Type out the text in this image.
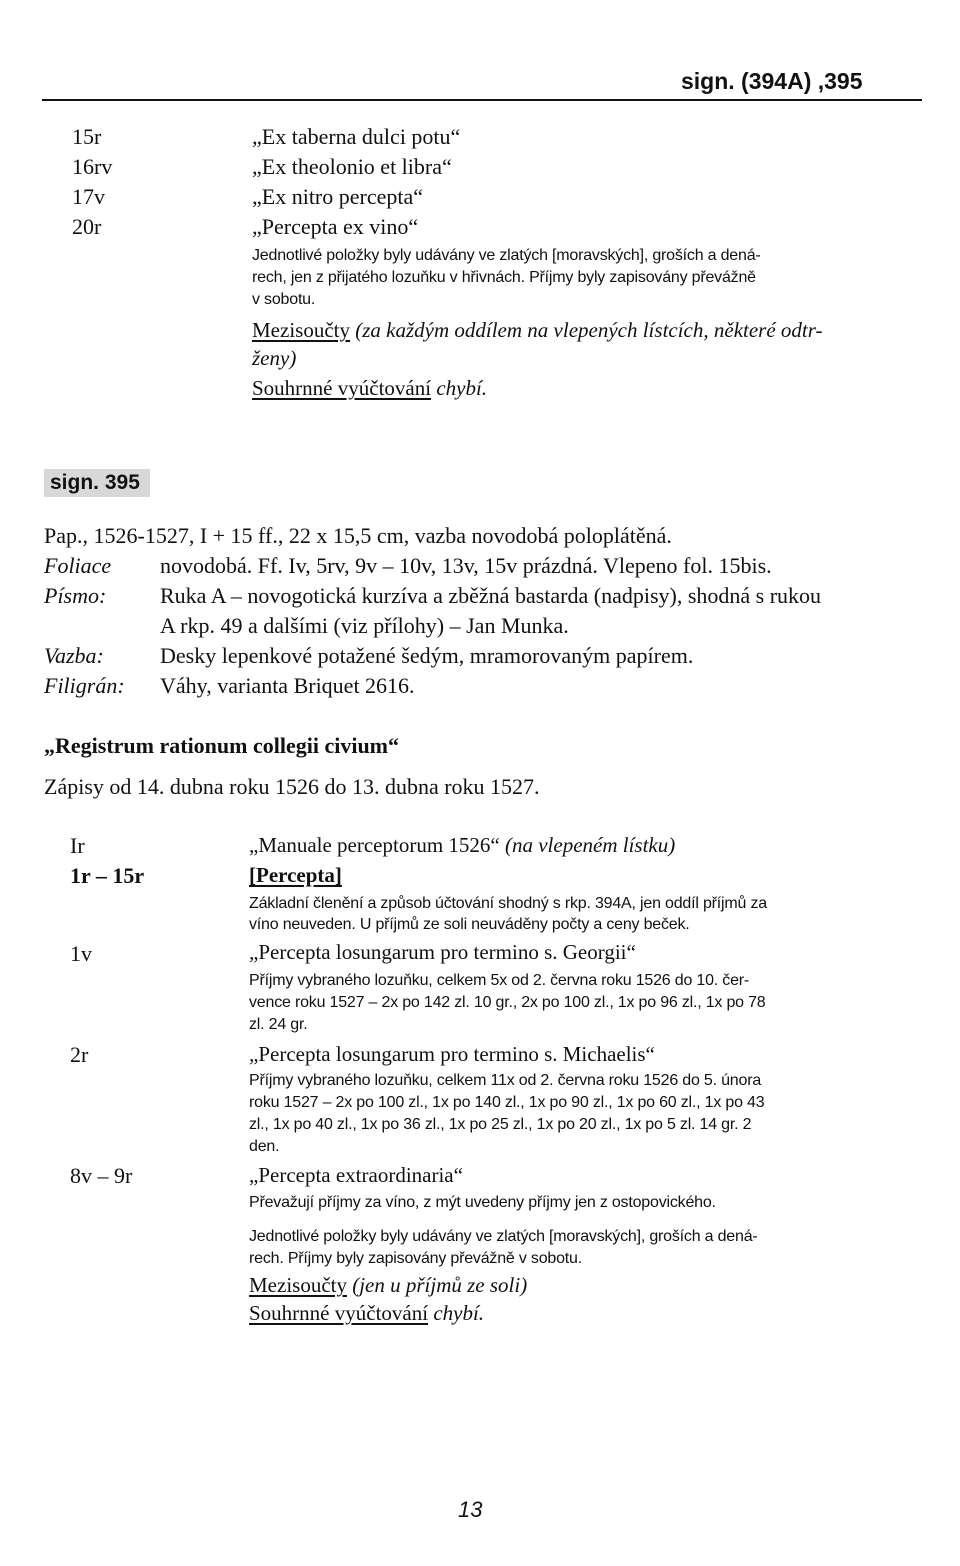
sign. (394A) ,395
15r	„Ex taberna dulci potu“
16rv	„Ex theolonio et libra“
17v	„Ex nitro percepta“
20r	„Percepta ex vino“
Jednotlivé položky byly udávány ve zlatých [moravských], groších a dená-
rech, jen z přijatého lozuňku v hřivnách. Příjmy byly zapisovány převážně
v sobotu.
Mezisoučty (za každým oddílem na vlepených lístcích, některé odtr-
ženy)
Souhrnné vyúčtování chybí.
sign. 395
Pap., 1526-1527, I + 15 ff., 22 x 15,5 cm, vazba novodobá poloplátěná.
Foliace novodobá. Ff. Iv, 5rv, 9v – 10v, 13v, 15v prázdná. Vlepeno fol. 15bis.
Písmo: Ruka A – novogotická kurzíva a zběžná bastarda (nadpisy), shodná s rukou
A rkp. 49 a dalšími (viz přílohy) – Jan Munka.
Vazba:	Desky lepenkové potažené šedým, mramorovaným papírem.
Filigrán: Váhy, varianta Briquet 2616.
„Registrum rationum collegii civium“
Zápisy od 14. dubna roku 1526 do 13. dubna roku 1527.
Ir	„Manuale perceptorum 1526“ (na vlepeném lístku)
1r – 15r	[Percepta]
Základní členění a způsob účtování shodný s rkp. 394A, jen oddíl příjmů za
víno neuveden. U příjmů ze soli neuváděny počty a ceny beček.
1v	„Percepta losungarum pro termino s. Georgii“
Příjmy vybraného lozuňku, celkem 5x od 2. června roku 1526 do 10. čer-
vence roku 1527 – 2x po 142 zl. 10 gr., 2x po 100 zl., 1x po 96 zl., 1x po 78
zl. 24 gr.
2r	„Percepta losungarum pro termino s. Michaelis“
Příjmy vybraného lozuňku, celkem 11x od 2. června roku 1526 do 5. února
roku 1527 – 2x po 100 zl., 1x po 140 zl., 1x po 90 zl., 1x po 60 zl., 1x po 43
zl., 1x po 40 zl., 1x po 36 zl., 1x po 25 zl., 1x po 20 zl., 1x po 5 zl. 14 gr. 2
den.
8v – 9r	„Percepta extraordinaria“
Převažují příjmy za víno, z mýt uvedeny příjmy jen z ostopovického.
Jednotlivé položky byly udávány ve zlatých [moravských], groších a dená-
rech. Příjmy byly zapisovány převážně v sobotu.
Mezisoučty (jen u příjmů ze soli)
Souhrnné vyúčtování chybí.
13
